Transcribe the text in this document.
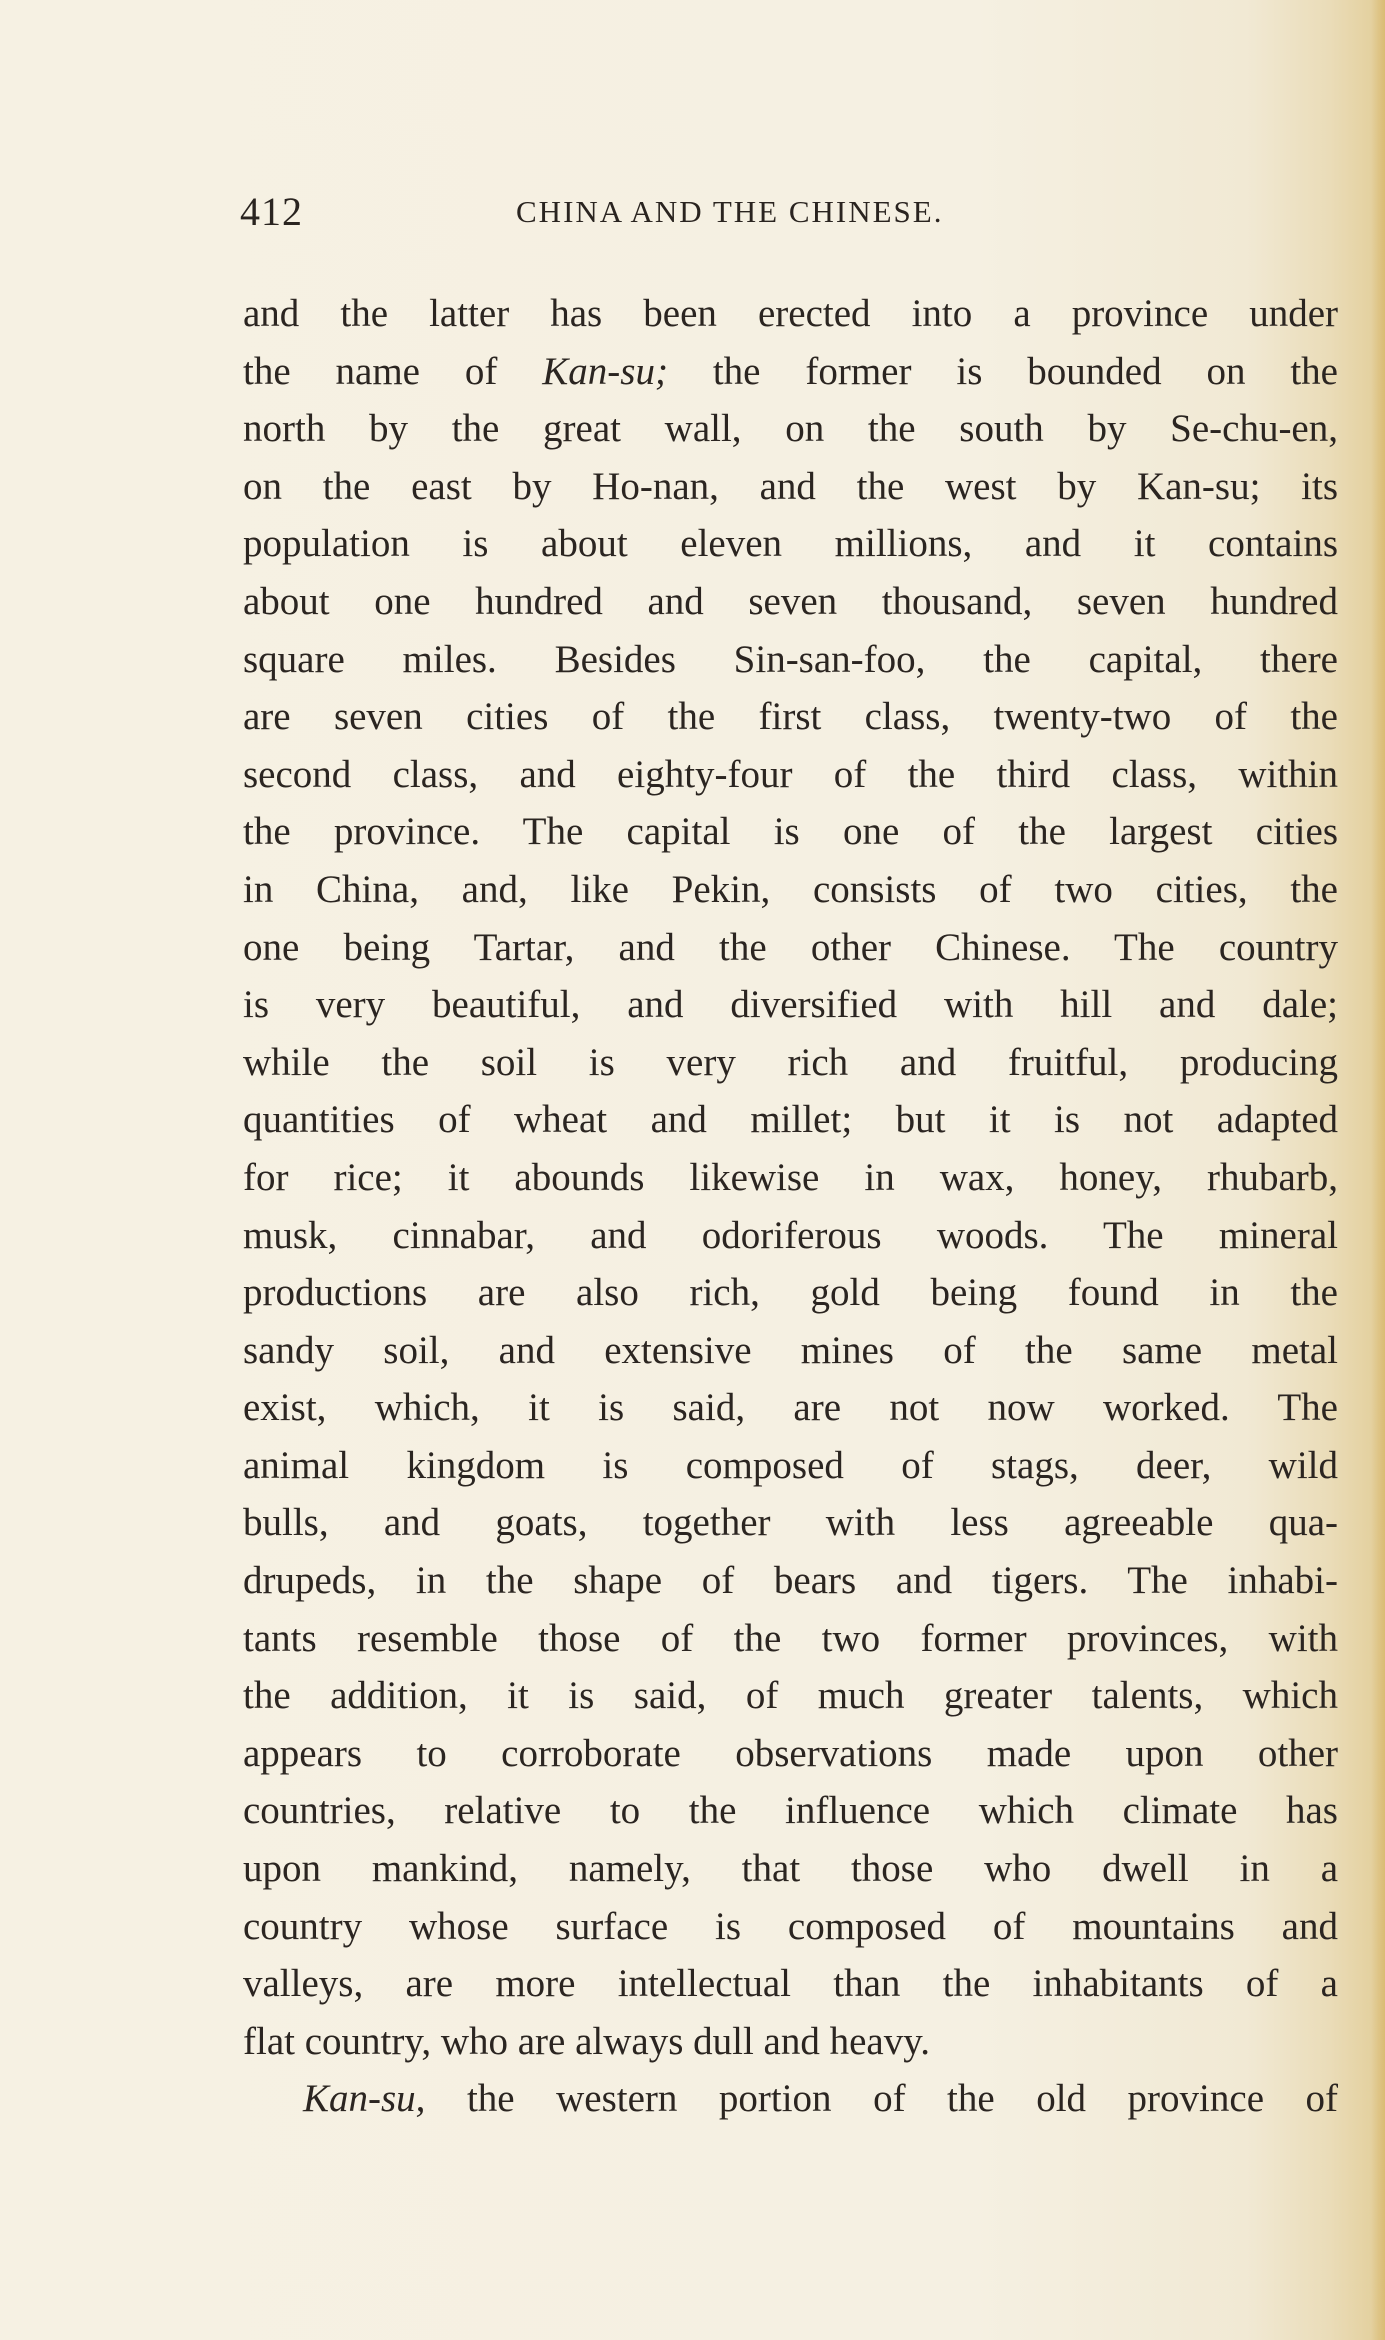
412	CHINA AND THE CHINESE.
and the latter has been erected into a province under
the name of Kan-su; the former is bounded on the
north by the great wall, on the south by Se-chu-en,
on the east by Ho-nan, and the west by Kan-su; its
population is about eleven millions, and it contains
about one hundred and seven thousand, seven hundred
square miles. Besides Sin-san-foo, the capital, there
are seven cities of the first class, twenty-two of the
second class, and eighty-four of the third class, within
the province. The capital is one of the largest cities
in China, and, like Pekin, consists of two cities, the
one being Tartar, and the other Chinese. The country
is very beautiful, and diversified with hill and dale;
while the soil is very rich and fruitful, producing
quantities of wheat and millet; but it is not adapted
for rice; it abounds likewise in wax, honey, rhubarb,
musk, cinnabar, and odoriferous woods. The mineral
productions are also rich, gold being found in the
sandy soil, and extensive mines of the same metal
exist, which, it is said, are not now worked. The
animal kingdom is composed of stags, deer, wild
bulls, and goats, together with less agreeable qua-
drupeds, in the shape of bears and tigers. The inhabi-
tants resemble those of the two former provinces, with
the addition, it is said, of much greater talents, which
appears to corroborate observations made upon other
countries, relative to the influence which climate has
upon mankind, namely, that those who dwell in a
country whose surface is composed of mountains and
valleys, are more intellectual than the inhabitants of a
flat country, who are always dull and heavy.
Kan-su, the western portion of the old province of
